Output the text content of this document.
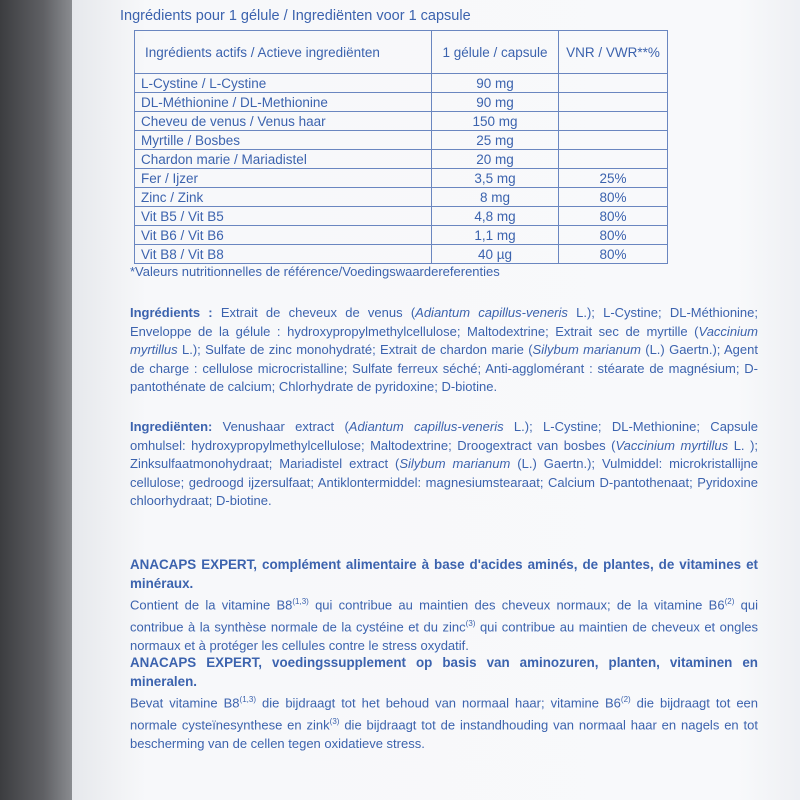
Ingrédients pour 1 gélule / Ingrediënten voor 1 capsule
Ingrédients actifs / Actieve ingrediënten	1 gélule / capsule	VNR / VWR**%
L-Cystine / L-Cystine	90 mg	
DL-Méthionine / DL-Methionine	90 mg	
Cheveu de venus / Venus haar	150 mg	
Myrtille / Bosbes	25 mg	
Chardon marie / Mariadistel	20 mg	
Fer / Ijzer	3,5 mg	25%
Zinc / Zink	8 mg	80%
Vit B5 / Vit B5	4,8 mg	80%
Vit B6 / Vit B6	1,1 mg	80%
Vit B8 / Vit B8	40 µg	80%
*Valeurs nutritionnelles de référence/Voedingswaardereferenties
Ingrédients : Extrait de cheveux de venus (Adiantum capillus-veneris L.); L-Cystine; DL-Méthionine; Enveloppe de la gélule : hydroxypropylmethylcellulose; Maltodextrine; Extrait sec de myrtille (Vaccinium myrtillus L.); Sulfate de zinc monohydraté; Extrait de chardon marie (Silybum marianum (L.) Gaertn.); Agent de charge : cellulose microcristalline; Sulfate ferreux séché; Anti-agglomérant : stéarate de magnésium; D-pantothénate de calcium; Chlorhydrate de pyridoxine; D-biotine.
Ingrediënten: Venushaar extract (Adiantum capillus-veneris L.); L-Cystine; DL-Methionine; Capsule omhulsel: hydroxypropylmethylcellulose; Maltodextrine; Droogextract van bosbes (Vaccinium myrtillus L. ); Zinksulfaatmonohydraat; Mariadistel extract (Silybum marianum (L.) Gaertn.); Vulmiddel: microkristallijne cellulose; gedroogd ijzersulfaat; Antiklontermiddel: magnesiumstearaat; Calcium D-pantothenaat; Pyridoxine chloorhydraat; D-biotine.
ANACAPS EXPERT, complément alimentaire à base d'acides aminés, de plantes, de vitamines et minéraux.
Contient de la vitamine B8$^{(1,3)}$ qui contribue au maintien des cheveux normaux; de la vitamine B6$^{(2)}$ qui contribue à la synthèse normale de la cystéine et du zinc$^{(3)}$ qui contribue au maintien de cheveux et ongles normaux et à protéger les cellules contre le stress oxydatif.
ANACAPS EXPERT, voedingssupplement op basis van aminozuren, planten, vitaminen en mineralen.
Bevat vitamine B8$^{(1,3)}$ die bijdraagt tot het behoud van normaal haar; vitamine B6$^{(2)}$ die bijdraagt tot een normale cysteïnesynthese en zink$^{(3)}$ die bijdraagt tot de instandhouding van normaal haar en nagels en tot bescherming van de cellen tegen oxidatieve stress.
